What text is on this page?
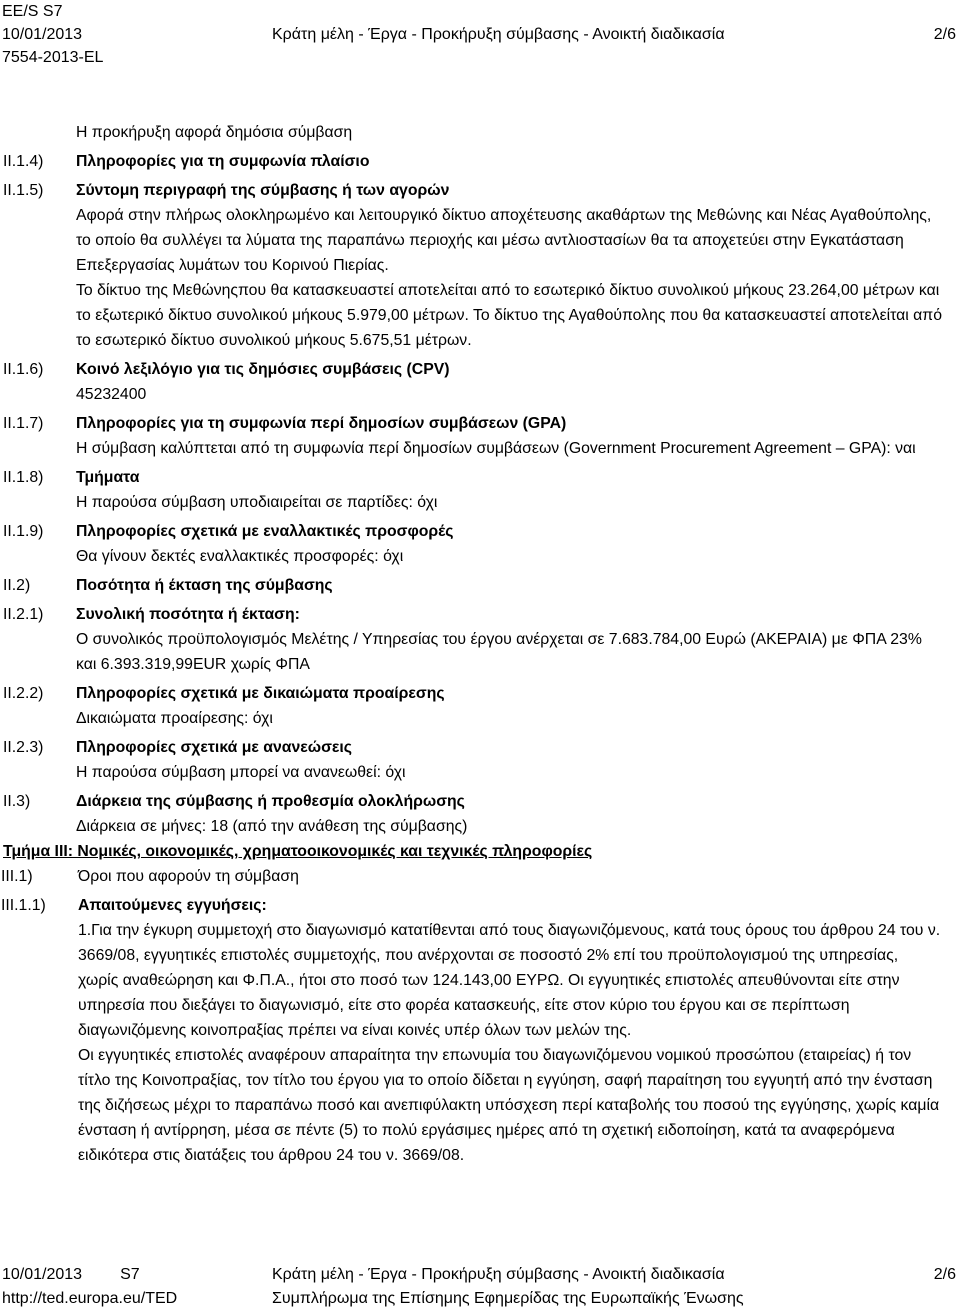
EE/S S7
10/01/2013	Κράτη μέλη - Έργα - Προκήρυξη σύμβασης - Ανοικτή διαδικασία	2/6
7554-2013-EL
Η προκήρυξη αφορά δημόσια σύμβαση
II.1.4)	Πληροφορίες για τη συμφωνία πλαίσιο
II.1.5)	Σύντομη περιγραφή της σύμβασης ή των αγορών
Αφορά στην πλήρως ολοκληρωμένο και λειτουργικό δίκτυο αποχέτευσης ακαθάρτων της Μεθώνης και Νέας Αγαθούπολης, το οποίο θα συλλέγει τα λύματα της παραπάνω περιοχής και μέσω αντλιοστασίων θα τα αποχετεύει στην Εγκατάσταση Επεξεργασίας λυμάτων του Κορινού Πιερίας.
Το δίκτυο της Μεθώνηςπου θα κατασκευαστεί αποτελείται από το εσωτερικό δίκτυο συνολικού μήκους 23.264,00 μέτρων και το εξωτερικό δίκτυο συνολικού μήκους 5.979,00 μέτρων. Το δίκτυο της Αγαθούπολης που θα κατασκευαστεί αποτελείται από το εσωτερικό δίκτυο συνολικού μήκους 5.675,51 μέτρων.
II.1.6)	Κοινό λεξιλόγιο για τις δημόσιες συμβάσεις (CPV)
45232400
II.1.7)	Πληροφορίες για τη συμφωνία περί δημοσίων συμβάσεων (GPA)
Η σύμβαση καλύπτεται από τη συμφωνία περί δημοσίων συμβάσεων (Government Procurement Agreement – GPA): ναι
II.1.8)	Τμήματα
Η παρούσα σύμβαση υποδιαιρείται σε παρτίδες: όχι
II.1.9)	Πληροφορίες σχετικά με εναλλακτικές προσφορές
Θα γίνουν δεκτές εναλλακτικές προσφορές: όχι
II.2)	Ποσότητα ή έκταση της σύμβασης
II.2.1)	Συνολική ποσότητα ή έκταση:
Ο συνολικός προϋπολογισμός Μελέτης / Υπηρεσίας του έργου ανέρχεται σε 7.683.784,00 Ευρώ (ΑΚΕΡΑΙΑ) με ΦΠΑ 23% και 6.393.319,99EUR χωρίς ΦΠΑ
II.2.2)	Πληροφορίες σχετικά με δικαιώματα προαίρεσης
Δικαιώματα προαίρεσης: όχι
II.2.3)	Πληροφορίες σχετικά με ανανεώσεις
Η παρούσα σύμβαση μπορεί να ανανεωθεί: όχι
II.3)	Διάρκεια της σύμβασης ή προθεσμία ολοκλήρωσης
Διάρκεια σε μήνες: 18 (από την ανάθεση της σύμβασης)
Τμήμα III: Νομικές, οικονομικές, χρηματοοικονομικές και τεχνικές πληροφορίες
III.1)	Όροι που αφορούν τη σύμβαση
III.1.1)	Απαιτούμενες εγγυήσεις:
1.Για την έγκυρη συμμετοχή στο διαγωνισμό κατατίθενται από τους διαγωνιζόμενους, κατά τους όρους του άρθρου 24 του ν. 3669/08, εγγυητικές επιστολές συμμετοχής, που ανέρχονται σε ποσοστό 2% επί του προϋπολογισμού της υπηρεσίας, χωρίς αναθεώρηση και Φ.Π.Α., ήτοι στο ποσό των 124.143,00 ΕΥΡΩ. Οι εγγυητικές επιστολές απευθύνονται είτε στην υπηρεσία που διεξάγει το διαγωνισμό, είτε στο φορέα κατασκευής, είτε στον κύριο του έργου και σε περίπτωση διαγωνιζόμενης κοινοπραξίας πρέπει να είναι κοινές υπέρ όλων των μελών της.
Οι εγγυητικές επιστολές αναφέρουν απαραίτητα την επωνυμία του διαγωνιζόμενου νομικού προσώπου (εταιρείας) ή τον τίτλο της Κοινοπραξίας, τον τίτλο του έργου για το οποίο δίδεται η εγγύηση, σαφή παραίτηση του εγγυητή από την ένσταση της διζήσεως μέχρι το παραπάνω ποσό και ανεπιφύλακτη υπόσχεση περί καταβολής του ποσού της εγγύησης, χωρίς καμία ένσταση ή αντίρρηση, μέσα σε πέντε (5) το πολύ εργάσιμες ημέρες από τη σχετική ειδοποίηση, κατά τα αναφερόμενα ειδικότερα στις διατάξεις του άρθρου 24 του ν. 3669/08.
10/01/2013 S7	Κράτη μέλη - Έργα - Προκήρυξη σύμβασης - Ανοικτή διαδικασία	2/6
http://ted.europa.eu/TED	Συμπλήρωμα της Επίσημης Εφημερίδας της Ευρωπαϊκής Ένωσης
